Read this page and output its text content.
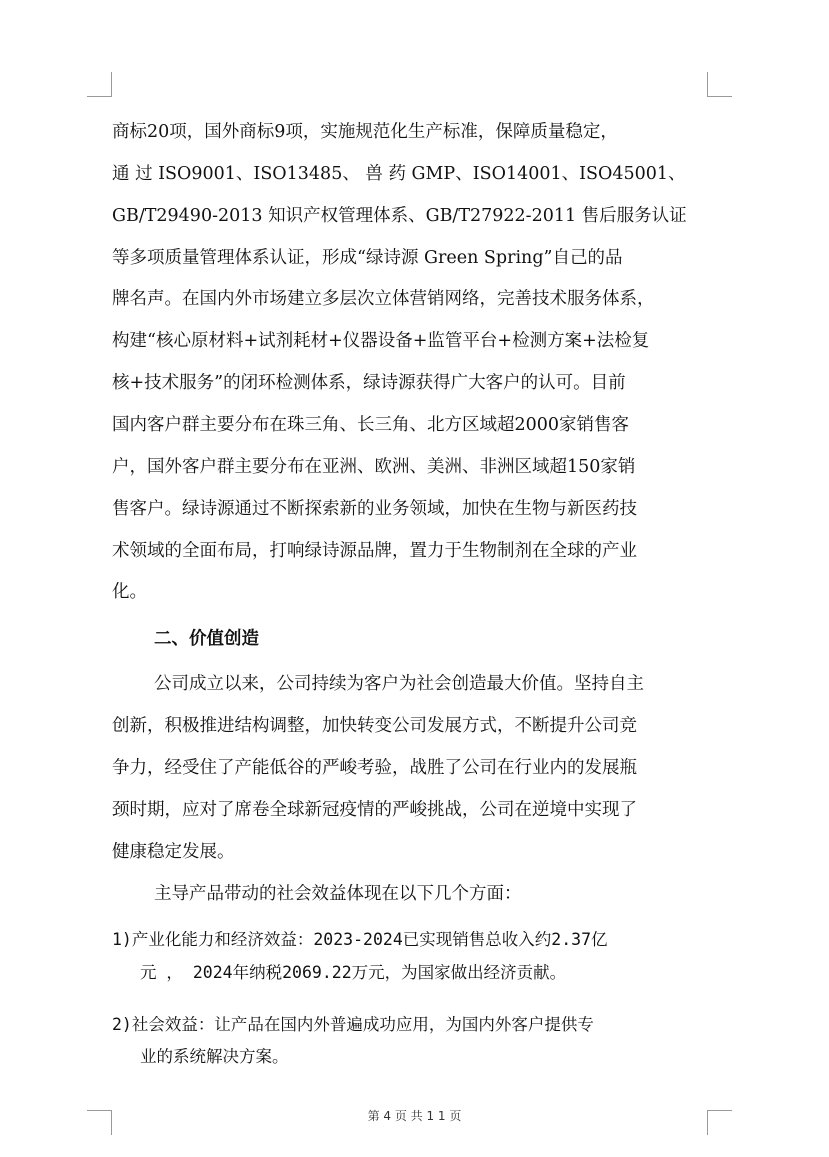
商标20项，国外商标9项，实施规范化生产标准，保障质量稳定，
通 过 ISO9001、ISO13485、 兽 药 GMP、ISO14001、ISO45001、
GB/T29490-2013 知识产权管理体系、GB/T27922-2011 售后服务认证
等多项质量管理体系认证，形成“绿诗源 Green Spring”自己的品
牌名声。在国内外市场建立多层次立体营销网络，完善技术服务体系，
构建“核心原材料+试剂耗材+仪器设备+监管平台+检测方案+法检复
核+技术服务”的闭环检测体系，绿诗源获得广大客户的认可。目前
国内客户群主要分布在珠三角、长三角、北方区域超2000家销售客
户，国外客户群主要分布在亚洲、欧洲、美洲、非洲区域超150家销
售客户。绿诗源通过不断探索新的业务领域，加快在生物与新医药技
术领域的全面布局，打响绿诗源品牌，置力于生物制剂在全球的产业
化。
二、价值创造
公司成立以来，公司持续为客户为社会创造最大价值。坚持自主
创新，积极推进结构调整，加快转变公司发展方式，不断提升公司竞
争力，经受住了产能低谷的严峻考验，战胜了公司在行业内的发展瓶
颈时期，应对了席卷全球新冠疫情的严峻挑战，公司在逆境中实现了
健康稳定发展。
主导产品带动的社会效益体现在以下几个方面：
1)产业化能力和经济效益：2023-2024已实现销售总收入约2.37亿
元 ， 2024年纳税2069.22万元，为国家做出经济贡献。
2)社会效益：让产品在国内外普遍成功应用，为国内外客户提供专
业的系统解决方案。
第 4 页 共 1 1 页
